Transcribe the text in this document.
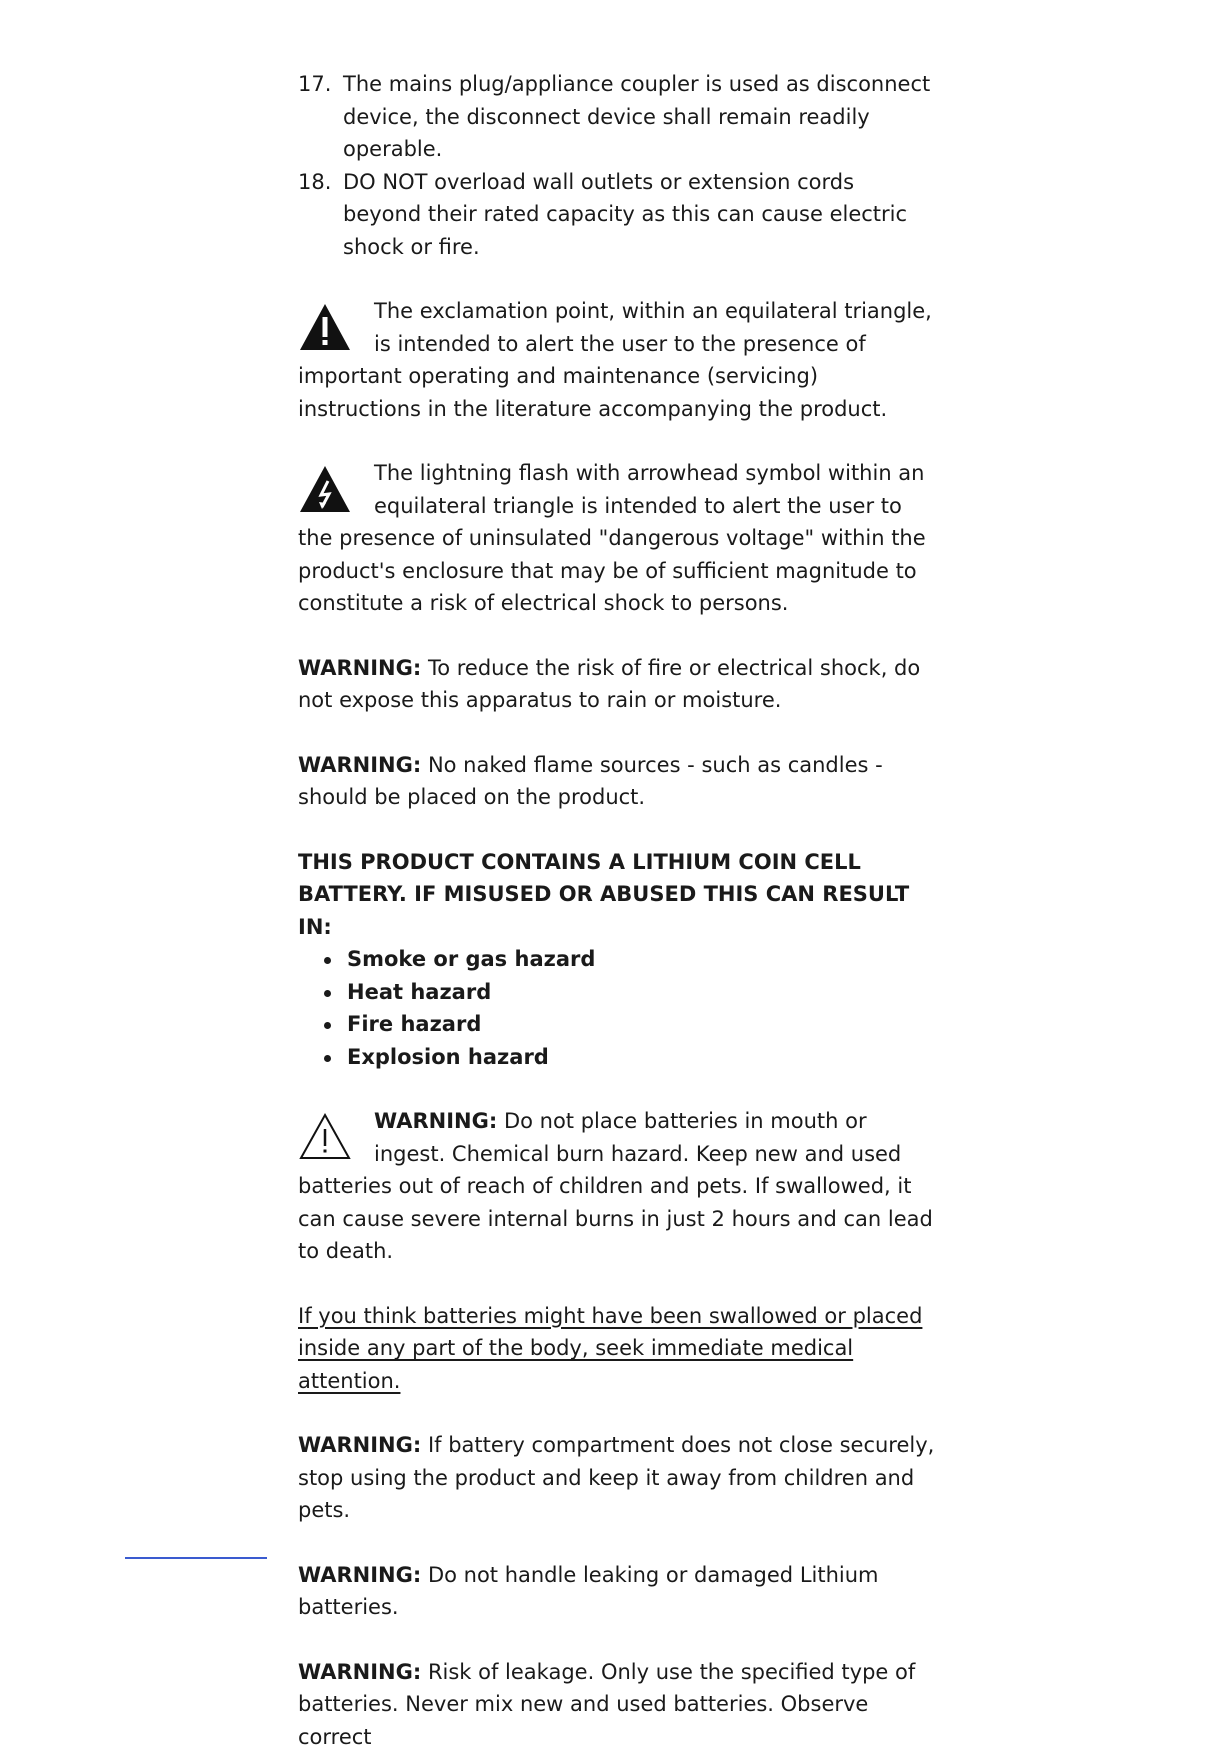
17. The mains plug/appliance coupler is used as disconnect device, the disconnect device shall remain readily operable.
18. DO NOT overload wall outlets or extension cords beyond their rated capacity as this can cause electric shock or fire.
The exclamation point, within an equilateral triangle, is intended to alert the user to the presence of important operating and maintenance (servicing) instructions in the literature accompanying the product.
The lightning flash with arrowhead symbol within an equilateral triangle is intended to alert the user to the presence of uninsulated "dangerous voltage" within the product's enclosure that may be of sufficient magnitude to constitute a risk of electrical shock to persons.
WARNING: To reduce the risk of fire or electrical shock, do not expose this apparatus to rain or moisture.
WARNING: No naked flame sources - such as candles - should be placed on the product.
THIS PRODUCT CONTAINS A LITHIUM COIN CELL BATTERY. IF MISUSED OR ABUSED THIS CAN RESULT IN:
Smoke or gas hazard
Heat hazard
Fire hazard
Explosion hazard
WARNING: Do not place batteries in mouth or ingest. Chemical burn hazard. Keep new and used batteries out of reach of children and pets. If swallowed, it can cause severe internal burns in just 2 hours and can lead to death.
If you think batteries might have been swallowed or placed inside any part of the body, seek immediate medical attention.
WARNING: If battery compartment does not close securely, stop using the product and keep it away from children and pets.
WARNING: Do not handle leaking or damaged Lithium batteries.
WARNING: Risk of leakage. Only use the specified type of batteries. Never mix new and used batteries. Observe correct
